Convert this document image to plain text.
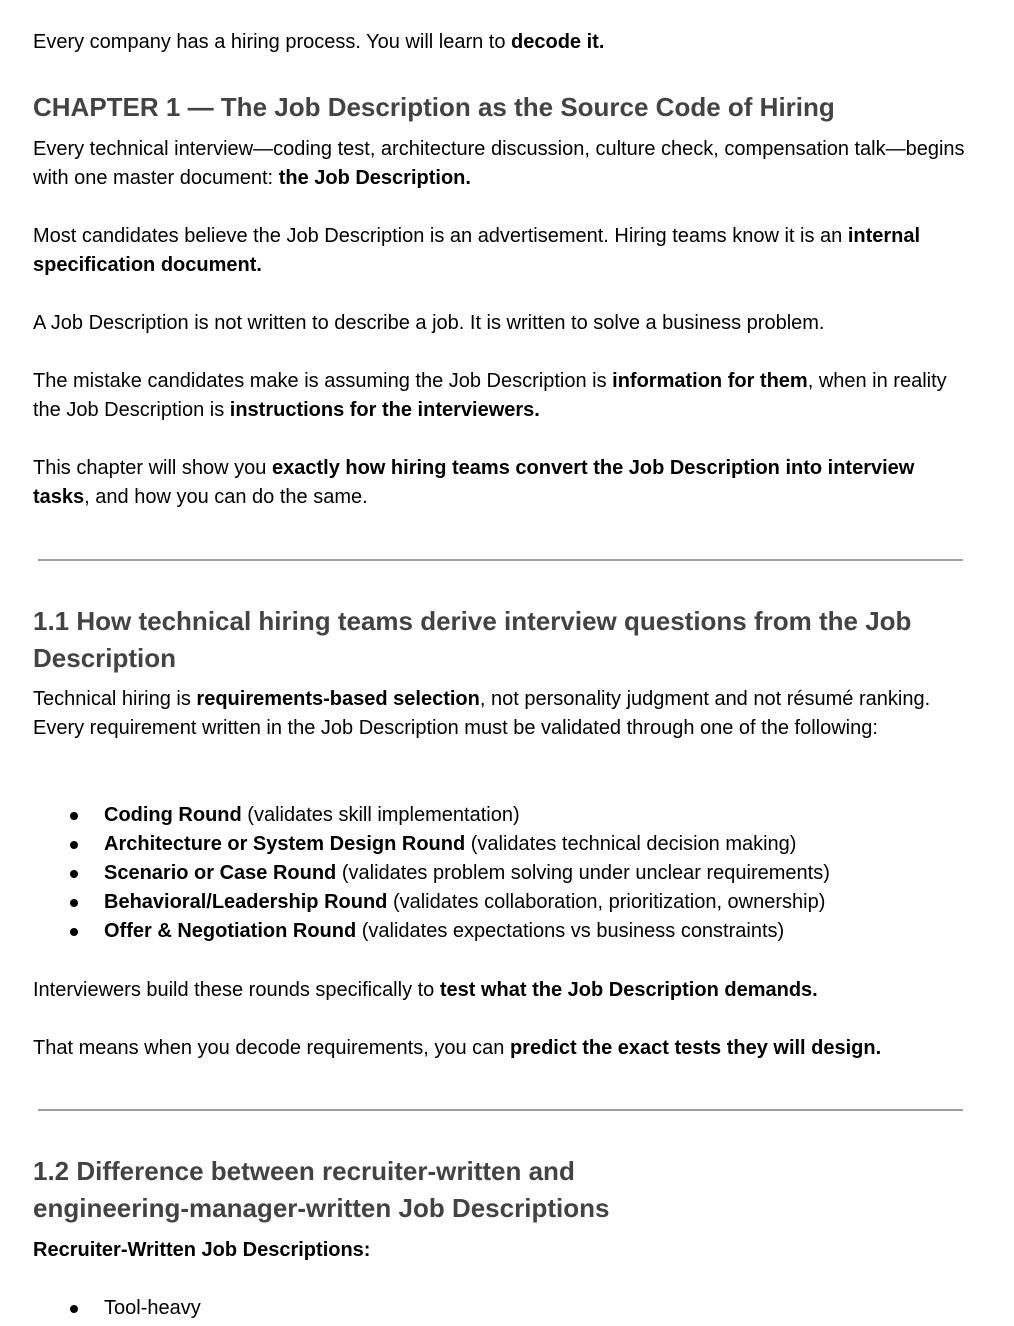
Every company has a hiring process. You will learn to decode it.

CHAPTER 1 — The Job Description as the Source Code of Hiring

Every technical interview—coding test, architecture discussion, culture check, compensation talk—begins with one master document: the Job Description.

Most candidates believe the Job Description is an advertisement. Hiring teams know it is an internal specification document.

A Job Description is not written to describe a job. It is written to solve a business problem.

The mistake candidates make is assuming the Job Description is information for them, when in reality the Job Description is instructions for the interviewers.

This chapter will show you exactly how hiring teams convert the Job Description into interview tasks, and how you can do the same.

1.1 How technical hiring teams derive interview questions from the Job Description

Technical hiring is requirements-based selection, not personality judgment and not résumé ranking. Every requirement written in the Job Description must be validated through one of the following:

Coding Round (validates skill implementation)
Architecture or System Design Round (validates technical decision making)
Scenario or Case Round (validates problem solving under unclear requirements)
Behavioral/Leadership Round (validates collaboration, prioritization, ownership)
Offer & Negotiation Round (validates expectations vs business constraints)

Interviewers build these rounds specifically to test what the Job Description demands.

That means when you decode requirements, you can predict the exact tests they will design.

1.2 Difference between recruiter-written and engineering-manager-written Job Descriptions

Recruiter-Written Job Descriptions:

Tool-heavy
